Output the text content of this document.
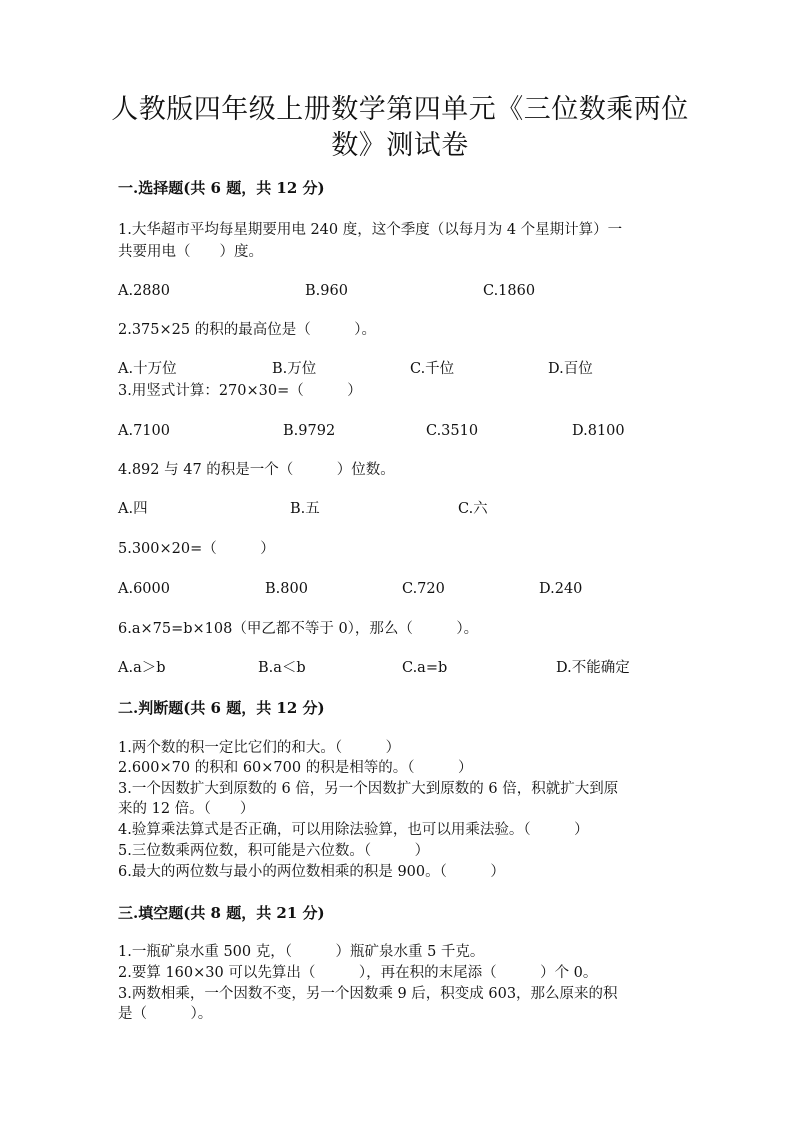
人教版四年级上册数学第四单元《三位数乘两位
数》测试卷
一.选择题(共 6 题，共 12 分)
1.大华超市平均每星期要用电 240 度，这个季度（以每月为 4 个星期计算）一
共要用电（　　）度。
A.2880	B.960	C.1860
2.375×25 的积的最高位是（　　　）。
A.十万位	B.万位	C.千位	D.百位
3.用竖式计算：270×30=（　　　）
A.7100	B.9792	C.3510	D.8100
4.892 与 47 的积是一个（　　　）位数。
A.四	B.五	C.六
5.300×20=（　　　）
A.6000	B.800	C.720	D.240
6.a×75=b×108（甲乙都不等于 0），那么（　　　）。
A.a＞b	B.a＜b	C.a=b	D.不能确定
二.判断题(共 6 题，共 12 分)
1.两个数的积一定比它们的和大。（　　　）
2.600×70 的积和 60×700 的积是相等的。（　　　）
3.一个因数扩大到原数的 6 倍，另一个因数扩大到原数的 6 倍，积就扩大到原
来的 12 倍。（　　）
4.验算乘法算式是否正确，可以用除法验算，也可以用乘法验。（　　　）
5.三位数乘两位数，积可能是六位数。（　　　）
6.最大的两位数与最小的两位数相乘的积是 900。（　　　）
三.填空题(共 8 题，共 21 分)
1.一瓶矿泉水重 500 克，（　　　）瓶矿泉水重 5 千克。
2.要算 160×30 可以先算出（　　　），再在积的末尾添（　　　）个 0。
3.两数相乘，一个因数不变，另一个因数乘 9 后，积变成 603，那么原来的积
是（　　　）。
